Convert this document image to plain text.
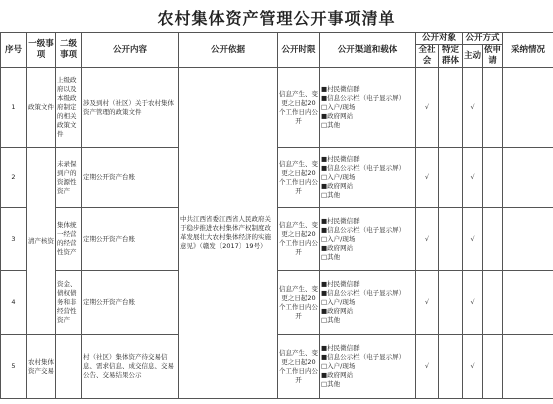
农村集体资产管理公开事项清单
序号	一级事项	二级事项	公开内容	公开依据	公开时限	公开渠道和载体	公开对象		公开方式		采纳情况
							全社会	特定群体	主动	依申请	
1	政策文件	上级政府以及本级政府制定的相关政策文件	涉及到村（社区）关于农村集体资产管理的政策文件	中共江西省委江西省人民政府关于稳步推进农村集体产权制度改革发展壮大农村集体经济的实施意见》（赣发〔2017〕19号）	信息产生、变更之日起20个工作日内公开	■村民微信群
■信息公示栏（电子显示屏）
□入户/现场
■政府网站
□其他	√		√		
2	清产核资	未录保到户的资源性资产	定期公开资产台账		信息产生、变更之日起20个工作日内公开	■村民微信群
■信息公示栏（电子显示屏）
□入户/现场
■政府网站
□其他	√		√		
3		集体统一经营的经营性资产	定期公开资产台账		信息产生、变更之日起20个工作日内公开	■村民微信群
■信息公示栏（电子显示屏）
□入户/现场
■政府网站
□其他	√		√		
4		资金、债权债务和非经营性资产	定期公开资产台账		信息产生、变更之日起20个工作日内公开	■村民微信群
■信息公示栏（电子显示屏）
□入户/现场
■政府网站
□其他	√		√		
5	农村集体资产交易		村（社区）集体资产待交易信息、需求信息、成交信息、交易公告、交易结果公示		信息产生、变更之日起20个工作日内公开	■村民微信群
■信息公示栏（电子显示屏）
□入户/现场
■政府网站
□其他	√		√		
